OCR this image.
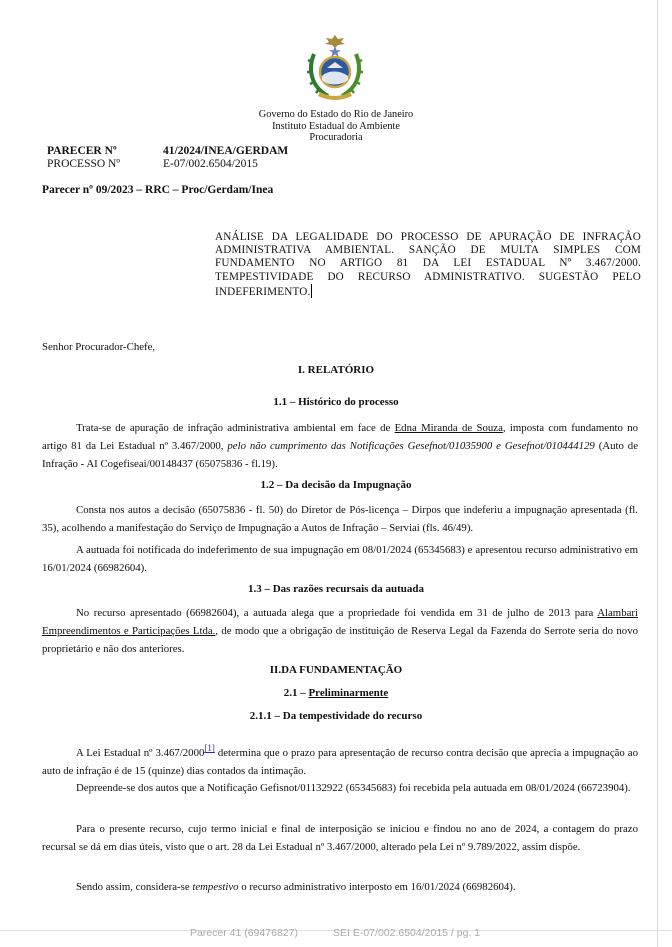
Governo do Estado do Rio de Janeiro
Instituto Estadual do Ambiente
Procuradoria
PARECER Nº	41/2024/INEA/GERDAM
PROCESSO Nº	E-07/002.6504/2015
Parecer nº 09/2023 – RRC – Proc/Gerdam/Inea
ANÁLISE DA LEGALIDADE DO PROCESSO DE APURAÇÃO DE INFRAÇÃO ADMINISTRATIVA AMBIENTAL. SANÇÃO DE MULTA SIMPLES COM FUNDAMENTO NO ARTIGO 81 DA LEI ESTADUAL Nº 3.467/2000. TEMPESTIVIDADE DO RECURSO ADMINISTRATIVO. SUGESTÃO PELO INDEFERIMENTO.
Senhor Procurador-Chefe,
I. RELATÓRIO
1.1 – Histórico do processo
Trata-se de apuração de infração administrativa ambiental em face de Edna Miranda de Souza, imposta com fundamento no artigo 81 da Lei Estadual nº 3.467/2000, pelo não cumprimento das Notificações Gesefnot/01035900 e Gesefnot/010444129 (Auto de Infração - AI Cogefiseai/00148437 (65075836 - fl.19).
1.2 – Da decisão da Impugnação
Consta nos autos a decisão (65075836 - fl. 50) do Diretor de Pós-licença – Dirpos que indeferiu a impugnação apresentada (fl. 35), acolhendo a manifestação do Serviço de Impugnação a Autos de Infração – Serviai (fls. 46/49).
A autuada foi notificada do indeferimento de sua impugnação em 08/01/2024 (65345683) e apresentou recurso administrativo em 16/01/2024 (66982604).
1.3 – Das razões recursais da autuada
No recurso apresentado (66982604), a autuada alega que a propriedade foi vendida em 31 de julho de 2013 para Alambari Empreendimentos e Participações Ltda., de modo que a obrigação de instituição de Reserva Legal da Fazenda do Serrote seria do novo proprietário e não dos anteriores.
II.DA FUNDAMENTAÇÃO
2.1 – Preliminarmente
2.1.1 – Da tempestividade do recurso
A Lei Estadual nº 3.467/2000[1] determina que o prazo para apresentação de recurso contra decisão que aprecia a impugnação ao auto de infração é de 15 (quinze) dias contados da intimação.
Depreende-se dos autos que a Notificação Gefisnot/01132922 (65345683) foi recebida pela autuada em 08/01/2024 (66723904).
Para o presente recurso, cujo termo inicial e final de interposição se iniciou e findou no ano de 2024, a contagem do prazo recursal se dá em dias úteis, visto que o art. 28 da Lei Estadual nº 3.467/2000, alterado pela Lei nº 9.789/2022, assim dispõe.
Sendo assim, considera-se tempestivo o recurso administrativo interposto em 16/01/2024 (66982604).
Parecer 41 (69476827)	SEI E-07/002.6504/2015 / pg. 1
